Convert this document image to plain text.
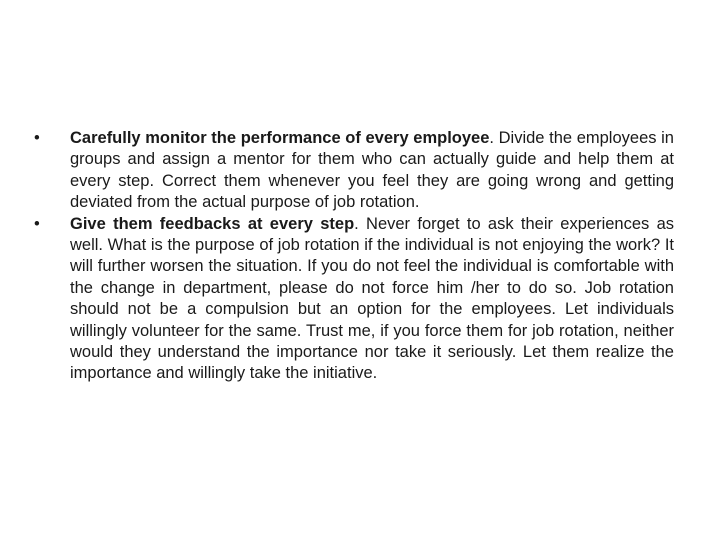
•	Carefully monitor the performance of every employee. Divide the employees in groups and assign a mentor for them who can actually guide and help them at every step. Correct them whenever you feel they are going wrong and getting deviated from the actual purpose of job rotation.
•	Give them feedbacks at every step. Never forget to ask their experiences as well. What is the purpose of job rotation if the individual is not enjoying the work? It will further worsen the situation. If you do not feel the individual is comfortable with the change in department, please do not force him /her to do so. Job rotation should not be a compulsion but an option for the employees. Let individuals willingly volunteer for the same. Trust me, if you force them for job rotation, neither would they understand the importance nor take it seriously. Let them realize the importance and willingly take the initiative.
